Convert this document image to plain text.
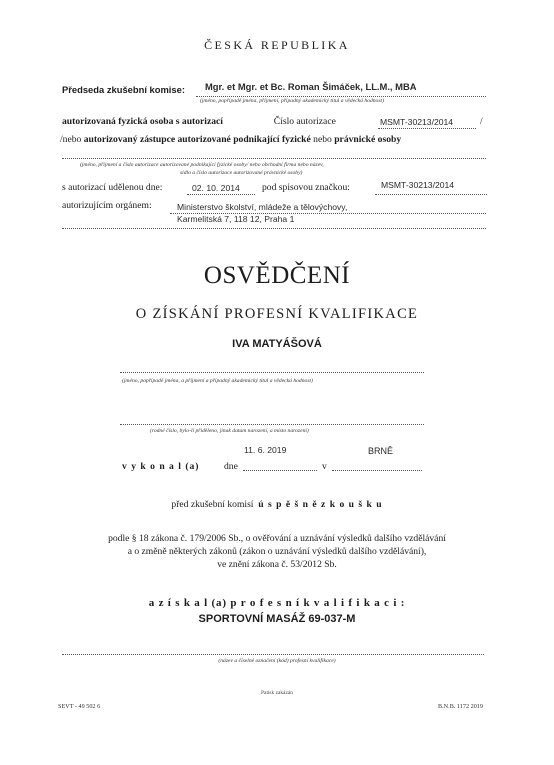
ČESKÁ REPUBLIKA
Předseda zkušební komise: Mgr. et Mgr. et Bc. Roman Šimáček, LL.M., MBA
(jméno, popřípadě jména, příjmení, případný akademický titul a vědecká hodnost)
autorizovaná fyzická osoba s autorizací	Číslo autorizace	MSMT-30213/2014	/
/nebo autorizovaný zástupce autorizované podnikající fyzické nebo právnické osoby
(jméno, příjmení a číslo autorizace autorizované podnikající fyzické osoby/ nebo obchodní firma nebo název,
sídlo a číslo autorizace autorizované právnické osoby)
s autorizací udělenou dne:	02. 10. 2014 pod spisovou značkou:	MSMT-30213/2014
autorizujícím orgánem:	Ministerstvo školství, mládeže a tělovýchovy,
Karmelitská 7, 118 12, Praha 1
OSVĚDČENÍ
O ZÍSKÁNÍ PROFESNÍ KVALIFIKACE
IVA MATYÁŠOVÁ
(jméno, popřípadě jména, a příjmení a případný akademický titul a vědecká hodnost)
(rodné číslo, bylo-li přiděleno, jinak datum narození, a místo narození)
11. 6. 2019	BRNĚ
v y k o n a l (a)	dne	v
před zkušební komisí ú s p ě š n ě z k o u š k u
podle § 18 zákona č. 179/2006 Sb., o ověřování a uznávání výsledků dalšího vzdělávání
a o změně některých zákonů (zákon o uznávání výsledků dalšího vzdělávání),
ve znění zákona č. 53/2012 Sb.
a z í s k a l (a) p r o f e s n í k v a l i f i k a c i :
SPORTOVNÍ MASÁŽ 69-037-M
(název a číselné označení (kód) profesní kvalifikace)
Patisk zakázán
SEVT - 49 502 6	B.N.B. 1172 2019
